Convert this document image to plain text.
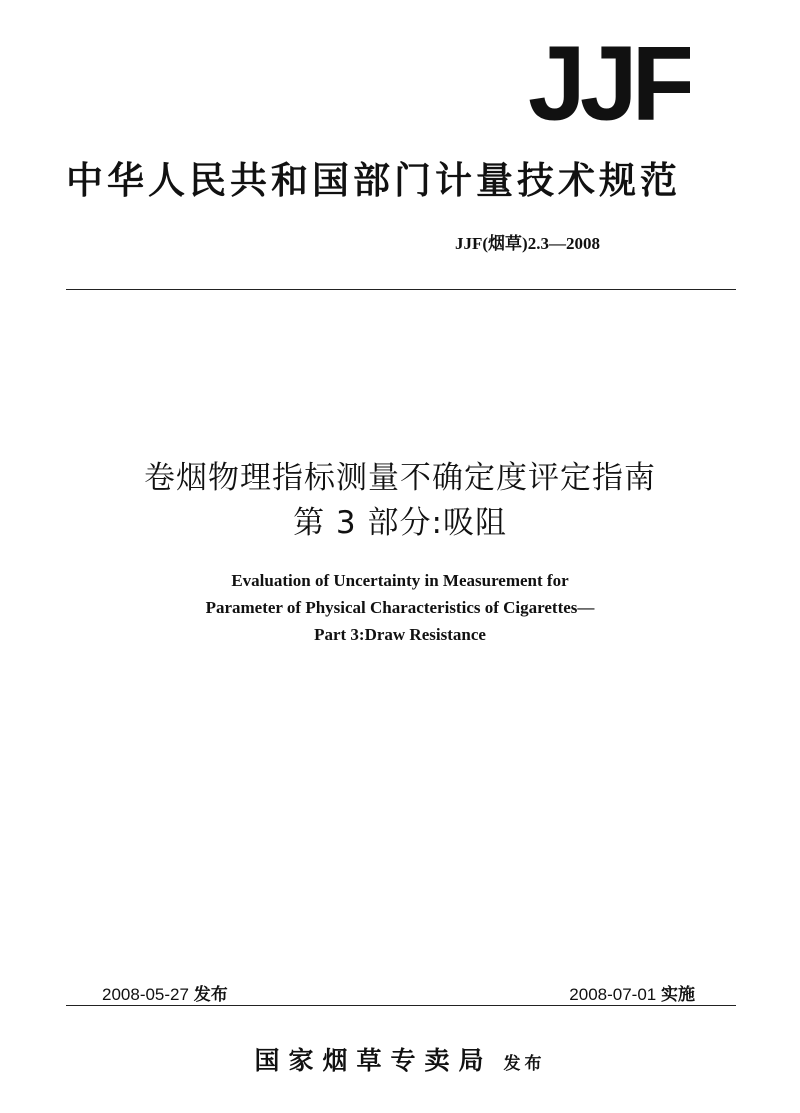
JJF
中华人民共和国部门计量技术规范
JJF(烟草)2.3—2008
卷烟物理指标测量不确定度评定指南
第 3 部分:吸阻
Evaluation of Uncertainty in Measurement for
Parameter of Physical Characteristics of Cigarettes—
Part 3:Draw Resistance
2008-05-27 发布	2008-07-01 实施
国家烟草专卖局 发布
